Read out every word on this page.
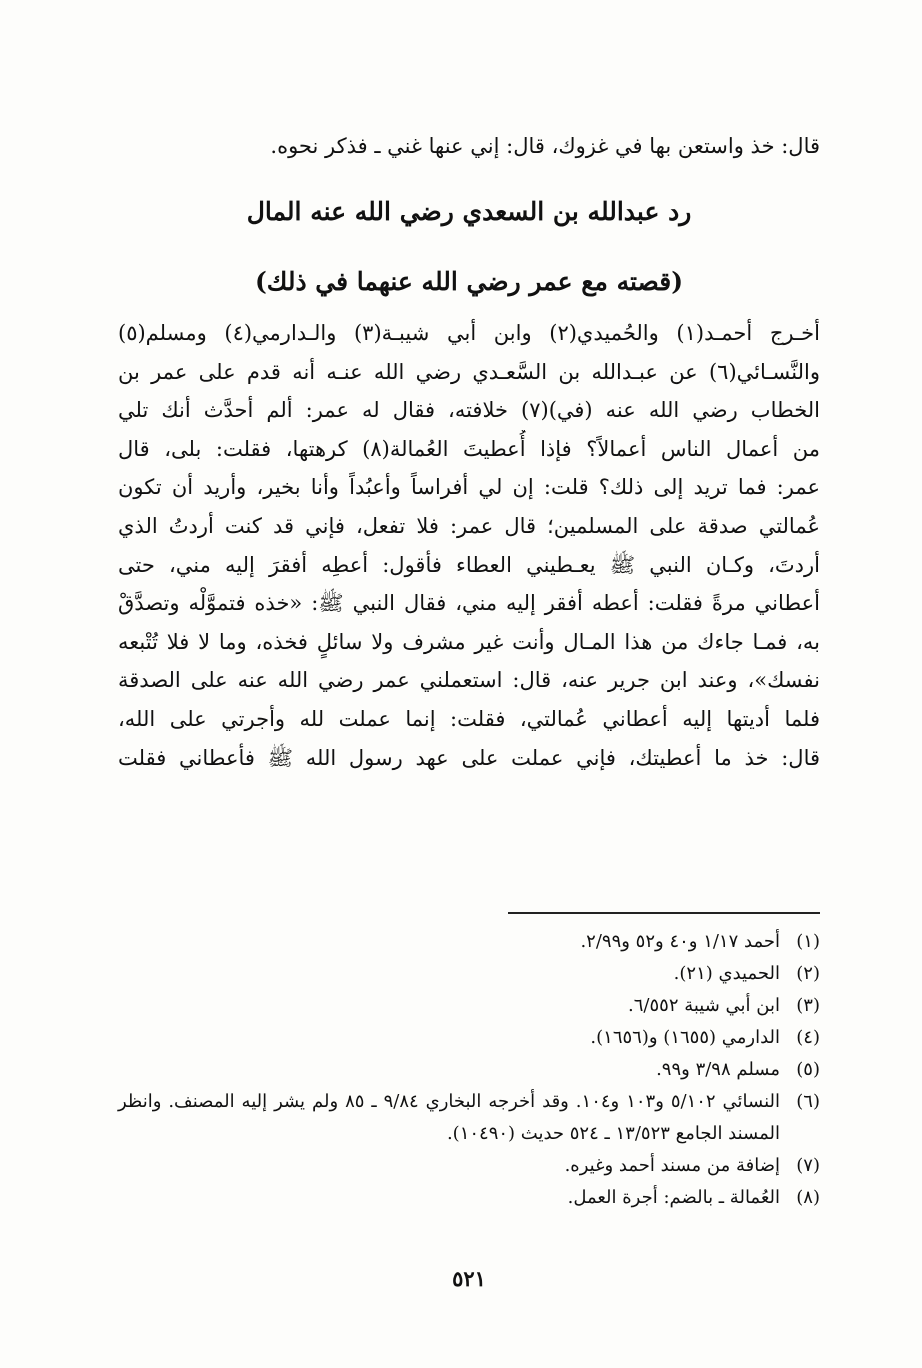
قال: خذ واستعن بها في غزوك، قال: إني عنها غني ـ فذكر نحوه.

رد عبدالله بن السعدي رضي الله عنه المال
(قصته مع عمر رضي الله عنهما في ذلك)

أخـرج أحمـد(١) والحُميدي(٢) وابن أبي شيبـة(٣) والـدارمي(٤) ومسلم(٥)
والنَّسـائي(٦) عن عبـدالله بن السَّعـدي رضي الله عنـه أنه قدم على عمر بن
الخطاب رضي الله عنه (في)(٧) خلافته، فقال له عمر: ألم أحدَّث أنك تلي
من أعمال الناس أعمالاً؟ فإذا أُعطيتَ العُمالة(٨) كرهتها، فقلت: بلى، قال
عمر: فما تريد إلى ذلك؟ قلت: إن لي أفراساً وأعبُداً وأنا بخير، وأريد أن تكون
عُمالتي صدقة على المسلمين؛ قال عمر: فلا تفعل، فإني قد كنت أردتُ الذي
أردتَ، وكـان النبي ﷺ يعـطيني العطاء فأقول: أعطِه أفقرَ إليه مني، حتى
أعطاني مرةً فقلت: أعطه أفقر إليه مني، فقال النبي ﷺ: «خذه فتموَّلْه وتصدَّقْ
به، فمـا جاءك من هذا المـال وأنت غير مشرف ولا سائلٍ فخذه، وما لا فلا تُتْبعه
نفسك»، وعند ابن جرير عنه، قال: استعملني عمر رضي الله عنه على الصدقة
فلما أديتها إليه أعطاني عُمالتي، فقلت: إنما عملت لله وأجرتي على الله،
قال: خذ ما أعطيتك، فإني عملت على عهد رسول الله ﷺ فأعطاني فقلت

(١)
أحمد ١/١٧ و٤٠ و٥٢ و٢/٩٩.
(٢)
الحميدي (٢١).
(٣)
ابن أبي شيبة ٦/٥٥٢.
(٤)
الدارمي (١٦٥٥) و(١٦٥٦).
(٥)
مسلم ٣/٩٨ و٩٩.
(٦)
النسائي ٥/١٠٢ و١٠٣ و١٠٤. وقد أخرجه البخاري ٩/٨٤ ـ ٨٥ ولم يشر إليه المصنف. وانظر المسند الجامع ١٣/٥٢٣ ـ ٥٢٤ حديث (١٠٤٩٠).
(٧)
إضافة من مسند أحمد وغيره.
(٨)
العُمالة ـ بالضم: أجرة العمل.
٥٢١
